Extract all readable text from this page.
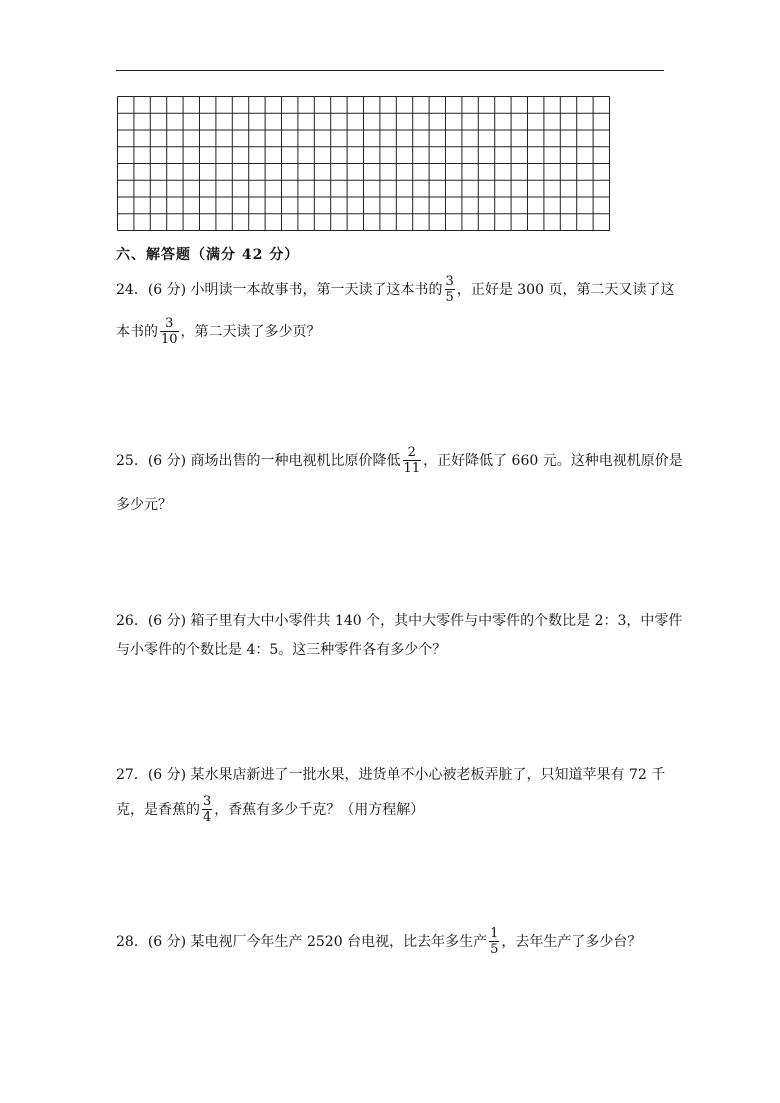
六、解答题（满分 42 分）
24．(6 分) 小明读一本故事书，第一天读了这本书的 $\frac{3}{5}$ ，正好是 300 页，第二天又读了这
本书的 $\frac{3}{10}$ ，第二天读了多少页？
25．(6 分) 商场出售的一种电视机比原价降低 $\frac{2}{11}$ ，正好降低了 660 元。这种电视机原价是
多少元？
26．(6 分) 箱子里有大中小零件共 140 个，其中大零件与中零件的个数比是 2：3，中零件
与小零件的个数比是 4：5。这三种零件各有多少个？
27．(6 分) 某水果店新进了一批水果，进货单不小心被老板弄脏了，只知道苹果有 72 千
克，是香蕉的 $\frac{3}{4}$ ，香蕉有多少千克？（用方程解）
28．(6 分) 某电视厂今年生产 2520 台电视，比去年多生产 $\frac{1}{5}$ ，去年生产了多少台？
